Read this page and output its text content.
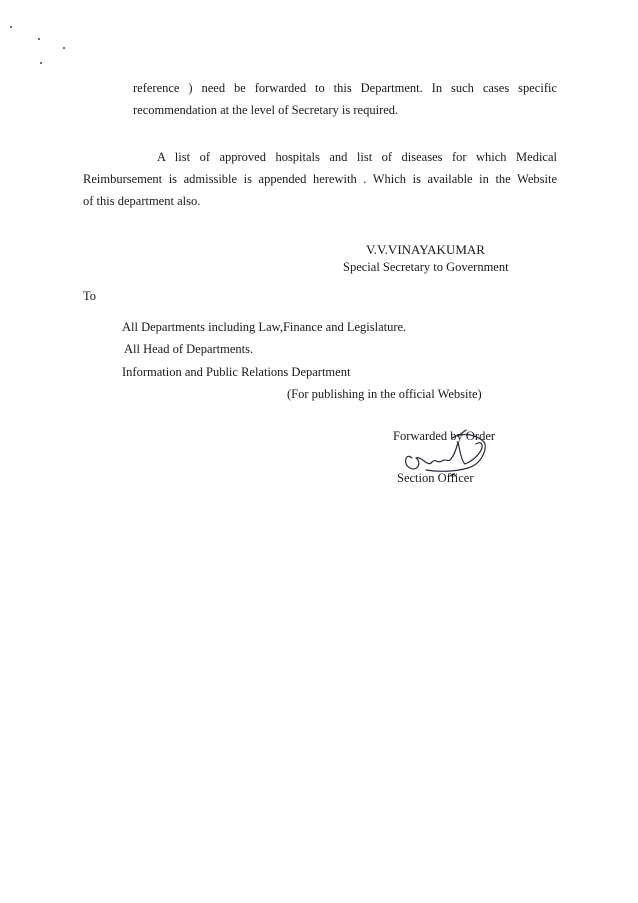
reference ) need be forwarded to this Department. In such cases specific
recommendation at the level of Secretary is required.
A list of approved hospitals and list of diseases for which Medical
Reimbursement is admissible is appended herewith . Which is available in the Website
of this department also.
V.V.VINAYAKUMAR
Special Secretary to Government
To
All Departments including Law,Finance and Legislature.
All Head of Departments.
Information and Public Relations Department
(For publishing in the official Website)
Forwarded by Order
Section Officer
